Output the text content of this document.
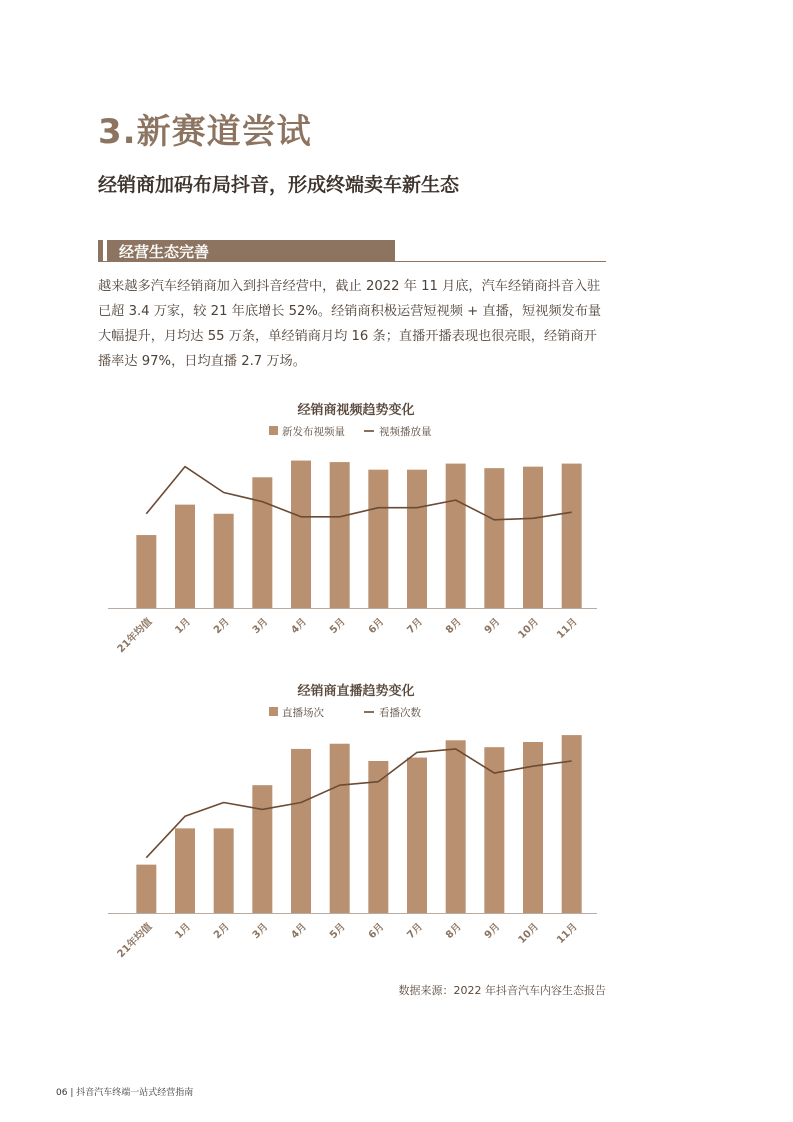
3.新赛道尝试
经销商加码布局抖音，形成终端卖车新生态
经营生态完善
越来越多汽车经销商加入到抖音经营中，截止 2022 年 11 月底，汽车经销商抖音入驻已超 3.4 万家，较 21 年底增长 52%。经销商积极运营短视频 + 直播，短视频发布量大幅提升，月均达 55 万条，单经销商月均 16 条；直播开播表现也很亮眼，经销商开播率达 97%，日均直播 2.7 万场。
经销商视频趋势变化
新发布视频量	视频播放量
21年均值 1月 2月 3月 4月 5月 6月 7月 8月 9月 10月 11月
经销商直播趋势变化
直播场次	看播次数
21年均值 1月 2月 3月 4月 5月 6月 7月 8月 9月 10月 11月
数据来源：2022 年抖音汽车内容生态报告
06 | 抖音汽车终端一站式经营指南
